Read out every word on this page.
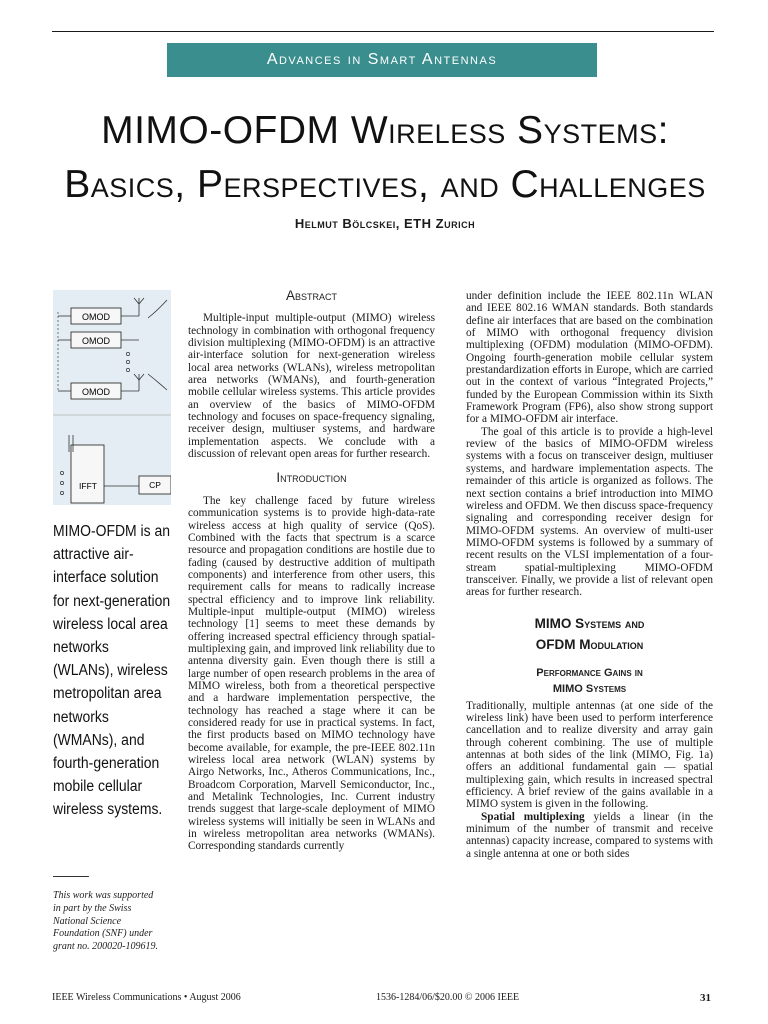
Advances in Smart Antennas
MIMO-OFDM Wireless Systems:
Basics, Perspectives, and Challenges
Helmut Bölcskei, ETH Zurich
OMOD
OMOD
OMOD
IFFT	CP
MIMO-OFDM is an attractive air-interface solution for next-generation wireless local area networks (WLANs), wireless metropolitan area networks (WMANs), and fourth-generation mobile cellular wireless systems.
This work was supported in part by the Swiss National Science Foundation (SNF) under grant no. 200020-109619.
Abstract

Multiple-input multiple-output (MIMO) wireless technology in combination with orthogonal frequency division multiplexing (MIMO-OFDM) is an attractive air-interface solution for next-generation wireless local area networks (WLANs), wireless metropolitan area networks (WMANs), and fourth-generation mobile cellular wireless systems. This article provides an overview of the basics of MIMO-OFDM technology and focuses on space-frequency signaling, receiver design, multiuser systems, and hardware implementation aspects. We conclude with a discussion of relevant open areas for further research.

Introduction

The key challenge faced by future wireless communication systems is to provide high-data-rate wireless access at high quality of service (QoS). Combined with the facts that spectrum is a scarce resource and propagation conditions are hostile due to fading (caused by destructive addition of multipath components) and interference from other users, this requirement calls for means to radically increase spectral efficiency and to improve link reliability. Multiple-input multiple-output (MIMO) wireless technology [1] seems to meet these demands by offering increased spectral efficiency through spatial-multiplexing gain, and improved link reliability due to antenna diversity gain. Even though there is still a large number of open research problems in the area of MIMO wireless, both from a theoretical perspective and a hardware implementation perspective, the technology has reached a stage where it can be considered ready for use in practical systems. In fact, the first products based on MIMO technology have become available, for example, the pre-IEEE 802.11n wireless local area network (WLAN) systems by Airgo Networks, Inc., Atheros Communications, Inc., Broadcom Corporation, Marvell Semiconductor, Inc., and Metalink Technologies, Inc. Current industry trends suggest that large-scale deployment of MIMO wireless systems will initially be seen in WLANs and in wireless metropolitan area networks (WMANs). Corresponding standards currently

under definition include the IEEE 802.11n WLAN and IEEE 802.16 WMAN standards. Both standards define air interfaces that are based on the combination of MIMO with orthogonal frequency division multiplexing (OFDM) modulation (MIMO-OFDM). Ongoing fourth-generation mobile cellular system prestandardization efforts in Europe, which are carried out in the context of various “Integrated Projects,” funded by the European Commission within its Sixth Framework Program (FP6), also show strong support for a MIMO-OFDM air interface.

The goal of this article is to provide a high-level review of the basics of MIMO-OFDM wireless systems with a focus on transceiver design, multiuser systems, and hardware implementation aspects. The remainder of this article is organized as follows. The next section contains a brief introduction into MIMO wireless and OFDM. We then discuss space-frequency signaling and corresponding receiver design for MIMO-OFDM systems. An overview of multi-user MIMO-OFDM systems is followed by a summary of recent results on the VLSI implementation of a four-stream spatial-multiplexing MIMO-OFDM transceiver. Finally, we provide a list of relevant open areas for further research.

MIMO Systems and
OFDM Modulation
Performance Gains in
MIMO Systems

Traditionally, multiple antennas (at one side of the wireless link) have been used to perform interference cancellation and to realize diversity and array gain through coherent combining. The use of multiple antennas at both sides of the link (MIMO, Fig. 1a) offers an additional fundamental gain — spatial multiplexing gain, which results in increased spectral efficiency. A brief review of the gains available in a MIMO system is given in the following.

Spatial multiplexing yields a linear (in the minimum of the number of transmit and receive antennas) capacity increase, compared to systems with a single antenna at one or both sides

IEEE Wireless Communications • August 2006	1536-1284/06/$20.00 © 2006 IEEE	31
